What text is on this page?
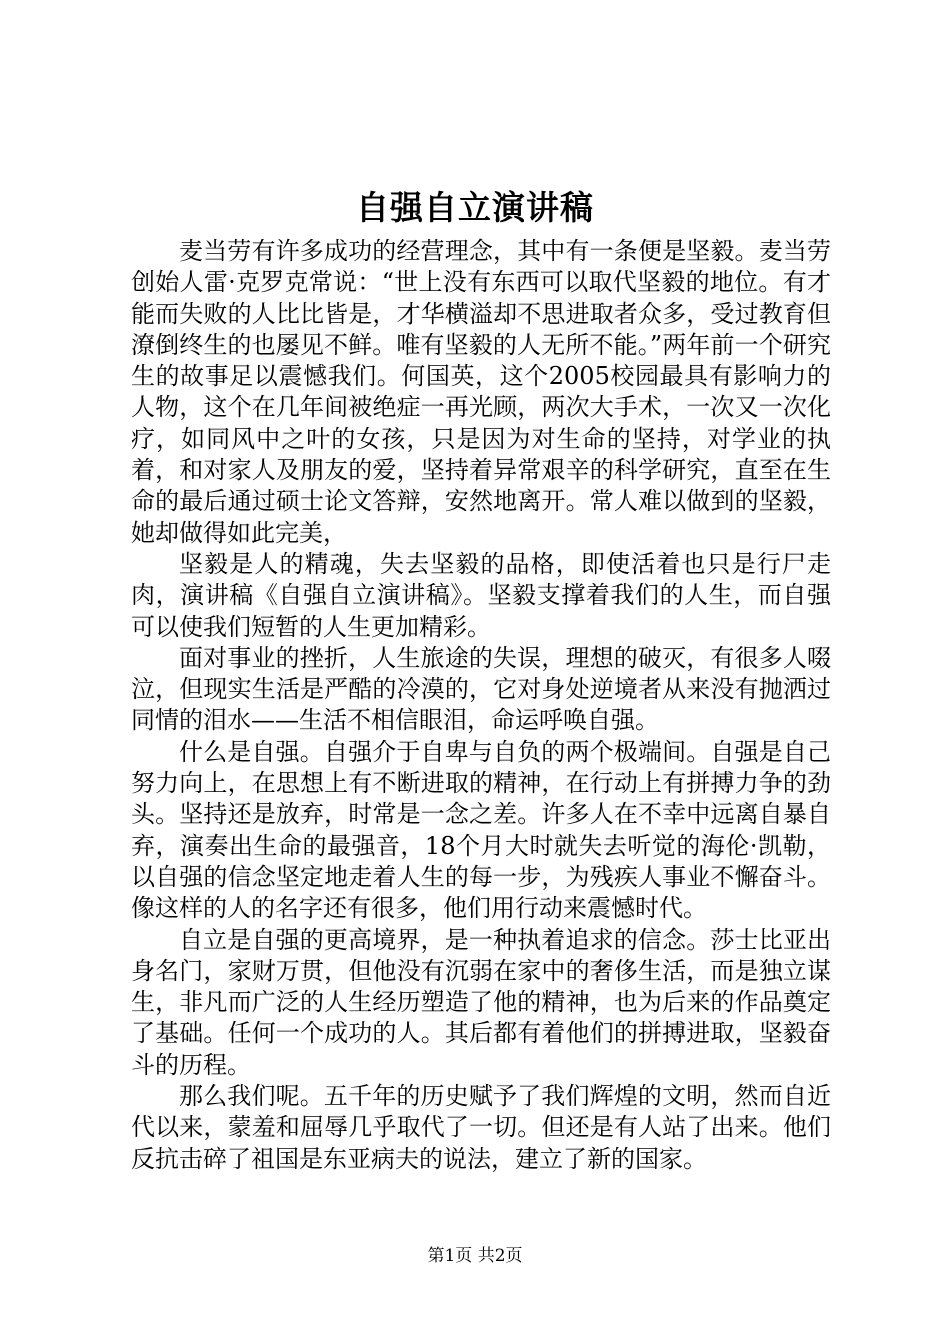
自强自立演讲稿

麦当劳有许多成功的经营理念，其中有一条便是坚毅。麦当劳创始人雷·克罗克常说：“世上没有东西可以取代坚毅的地位。有才能而失败的人比比皆是，才华横溢却不思进取者众多，受过教育但潦倒终生的也屡见不鲜。唯有坚毅的人无所不能。”两年前一个研究生的故事足以震憾我们。何国英，这个2005校园最具有影响力的人物，这个在几年间被绝症一再光顾，两次大手术，一次又一次化疗，如同风中之叶的女孩，只是因为对生命的坚持，对学业的执着，和对家人及朋友的爱，坚持着异常艰辛的科学研究，直至在生命的最后通过硕士论文答辩，安然地离开。常人难以做到的坚毅，她却做得如此完美，

坚毅是人的精魂，失去坚毅的品格，即使活着也只是行尸走肉，演讲稿《自强自立演讲稿》。坚毅支撑着我们的人生，而自强可以使我们短暂的人生更加精彩。

面对事业的挫折，人生旅途的失误，理想的破灭，有很多人啜泣，但现实生活是严酷的冷漠的，它对身处逆境者从来没有抛洒过同情的泪水——生活不相信眼泪，命运呼唤自强。

什么是自强。自强介于自卑与自负的两个极端间。自强是自己努力向上，在思想上有不断进取的精神，在行动上有拼搏力争的劲头。坚持还是放弃，时常是一念之差。许多人在不幸中远离自暴自弃，演奏出生命的最强音，18个月大时就失去听觉的海伦·凯勒，以自强的信念坚定地走着人生的每一步，为残疾人事业不懈奋斗。像这样的人的名字还有很多，他们用行动来震憾时代。

自立是自强的更高境界，是一种执着追求的信念。莎士比亚出身名门，家财万贯，但他没有沉弱在家中的奢侈生活，而是独立谋生，非凡而广泛的人生经历塑造了他的精神，也为后来的作品奠定了基础。任何一个成功的人。其后都有着他们的拼搏进取，坚毅奋斗的历程。

那么我们呢。五千年的历史赋予了我们辉煌的文明，然而自近代以来，蒙羞和屈辱几乎取代了一切。但还是有人站了出来。他们反抗击碎了祖国是东亚病夫的说法，建立了新的国家。

第1页 共2页
